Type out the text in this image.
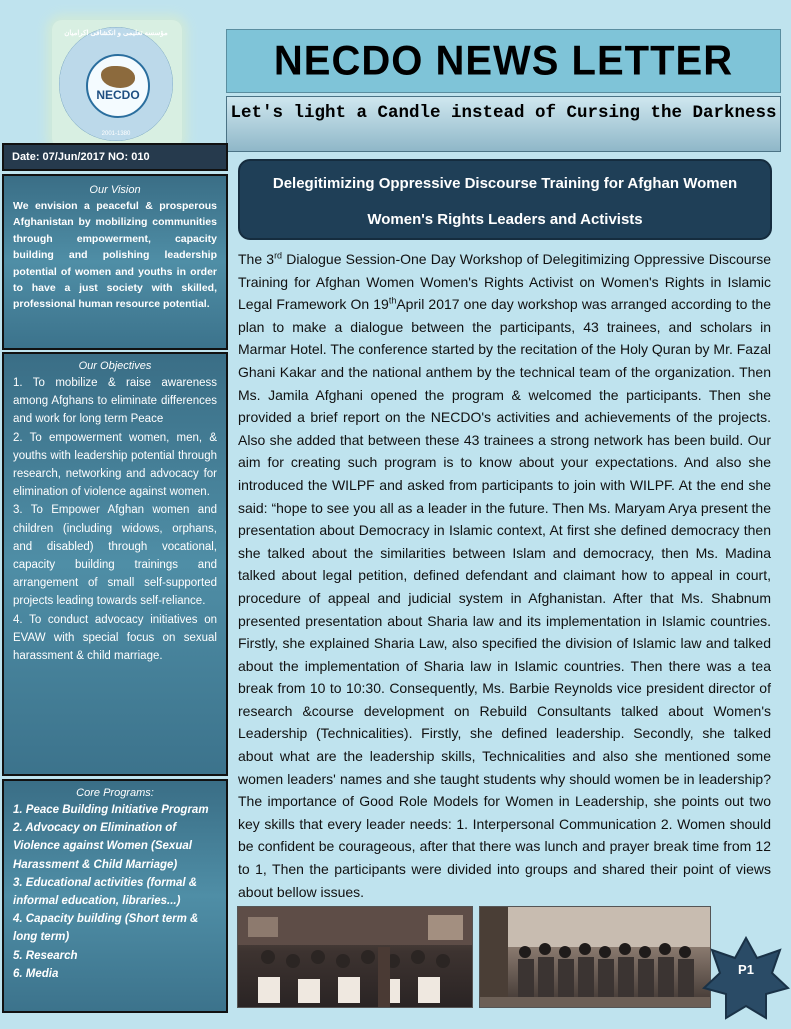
مؤسسه تعلیمی و انکشافی اکرامیان
NECDO
2001-1380
NECDO NEWS LETTER
Let's light a Candle instead of Cursing the Darkness
Date: 07/Jun/2017 NO: 010
Our Vision
We envision a peaceful & prosperous Afghanistan by mobilizing communities through empowerment, capacity building and polishing leadership potential of women and youths in order to have a just society with skilled, professional human resource potential.
Our Objectives

1. To mobilize & raise awareness among Afghans to eliminate differences and work for long term Peace

2. To empowerment women, men, & youths with leadership potential through research, networking and advocacy for elimination of violence against women.

3. To Empower Afghan women and children (including widows, orphans, and disabled) through vocational, capacity building trainings and arrangement of small self-supported projects leading towards self-reliance.

4. To conduct advocacy initiatives on EVAW with special focus on sexual harassment & child marriage.

Core Programs:
1. Peace Building Initiative Program
2. Advocacy on Elimination of Violence against Women (Sexual Harassment & Child Marriage)
3. Educational activities (formal & informal education, libraries...)
4. Capacity building (Short term & long term)
5. Research
6. Media
Delegitimizing Oppressive Discourse Training for Afghan Women
Women's Rights Leaders and Activists
The 3rd Dialogue Session-One Day Workshop of Delegitimizing Oppressive Discourse Training for Afghan Women Women's Rights Activist on Women's Rights in Islamic Legal Framework On 19thApril 2017 one day workshop was arranged according to the plan to make a dialogue between the participants, 43 trainees, and scholars in Marmar Hotel. The conference started by the recitation of the Holy Quran by Mr. Fazal Ghani Kakar and the national anthem by the technical team of the organization. Then Ms. Jamila Afghani opened the program & welcomed the participants. Then she provided a brief report on the NECDO's activities and achievements of the projects. Also she added that between these 43 trainees a strong network has been build. Our aim for creating such program is to know about your expectations. And also she introduced the WILPF and asked from participants to join with WILPF. At the end she said: “hope to see you all as a leader in the future. Then Ms. Maryam Arya present the presentation about Democracy in Islamic context, At first she defined democracy then she talked about the similarities between Islam and democracy, then Ms. Madina talked about legal petition, defined defendant and claimant how to appeal in court, procedure of appeal and judicial system in Afghanistan. After that Ms. Shabnum presented presentation about Sharia law and its implementation in Islamic countries. Firstly, she explained Sharia Law, also specified the division of Islamic law and talked about the implementation of Sharia law in Islamic countries. Then there was a tea break from 10 to 10:30. Consequently, Ms. Barbie Reynolds vice president director of research &course development on Rebuild Consultants talked about Women's Leadership (Technicalities). Firstly, she defined leadership. Secondly, she talked about what are the leadership skills, Technicalities and also she mentioned some women leaders' names and she taught students why should women be in leadership? The importance of Good Role Models for Women in Leadership, she points out two key skills that every leader needs: 1. Interpersonal Communication 2. Women should be confident be courageous, after that there was lunch and prayer break time from 12 to 1, Then the participants were divided into groups and shared their point of views about bellow issues.
P1
